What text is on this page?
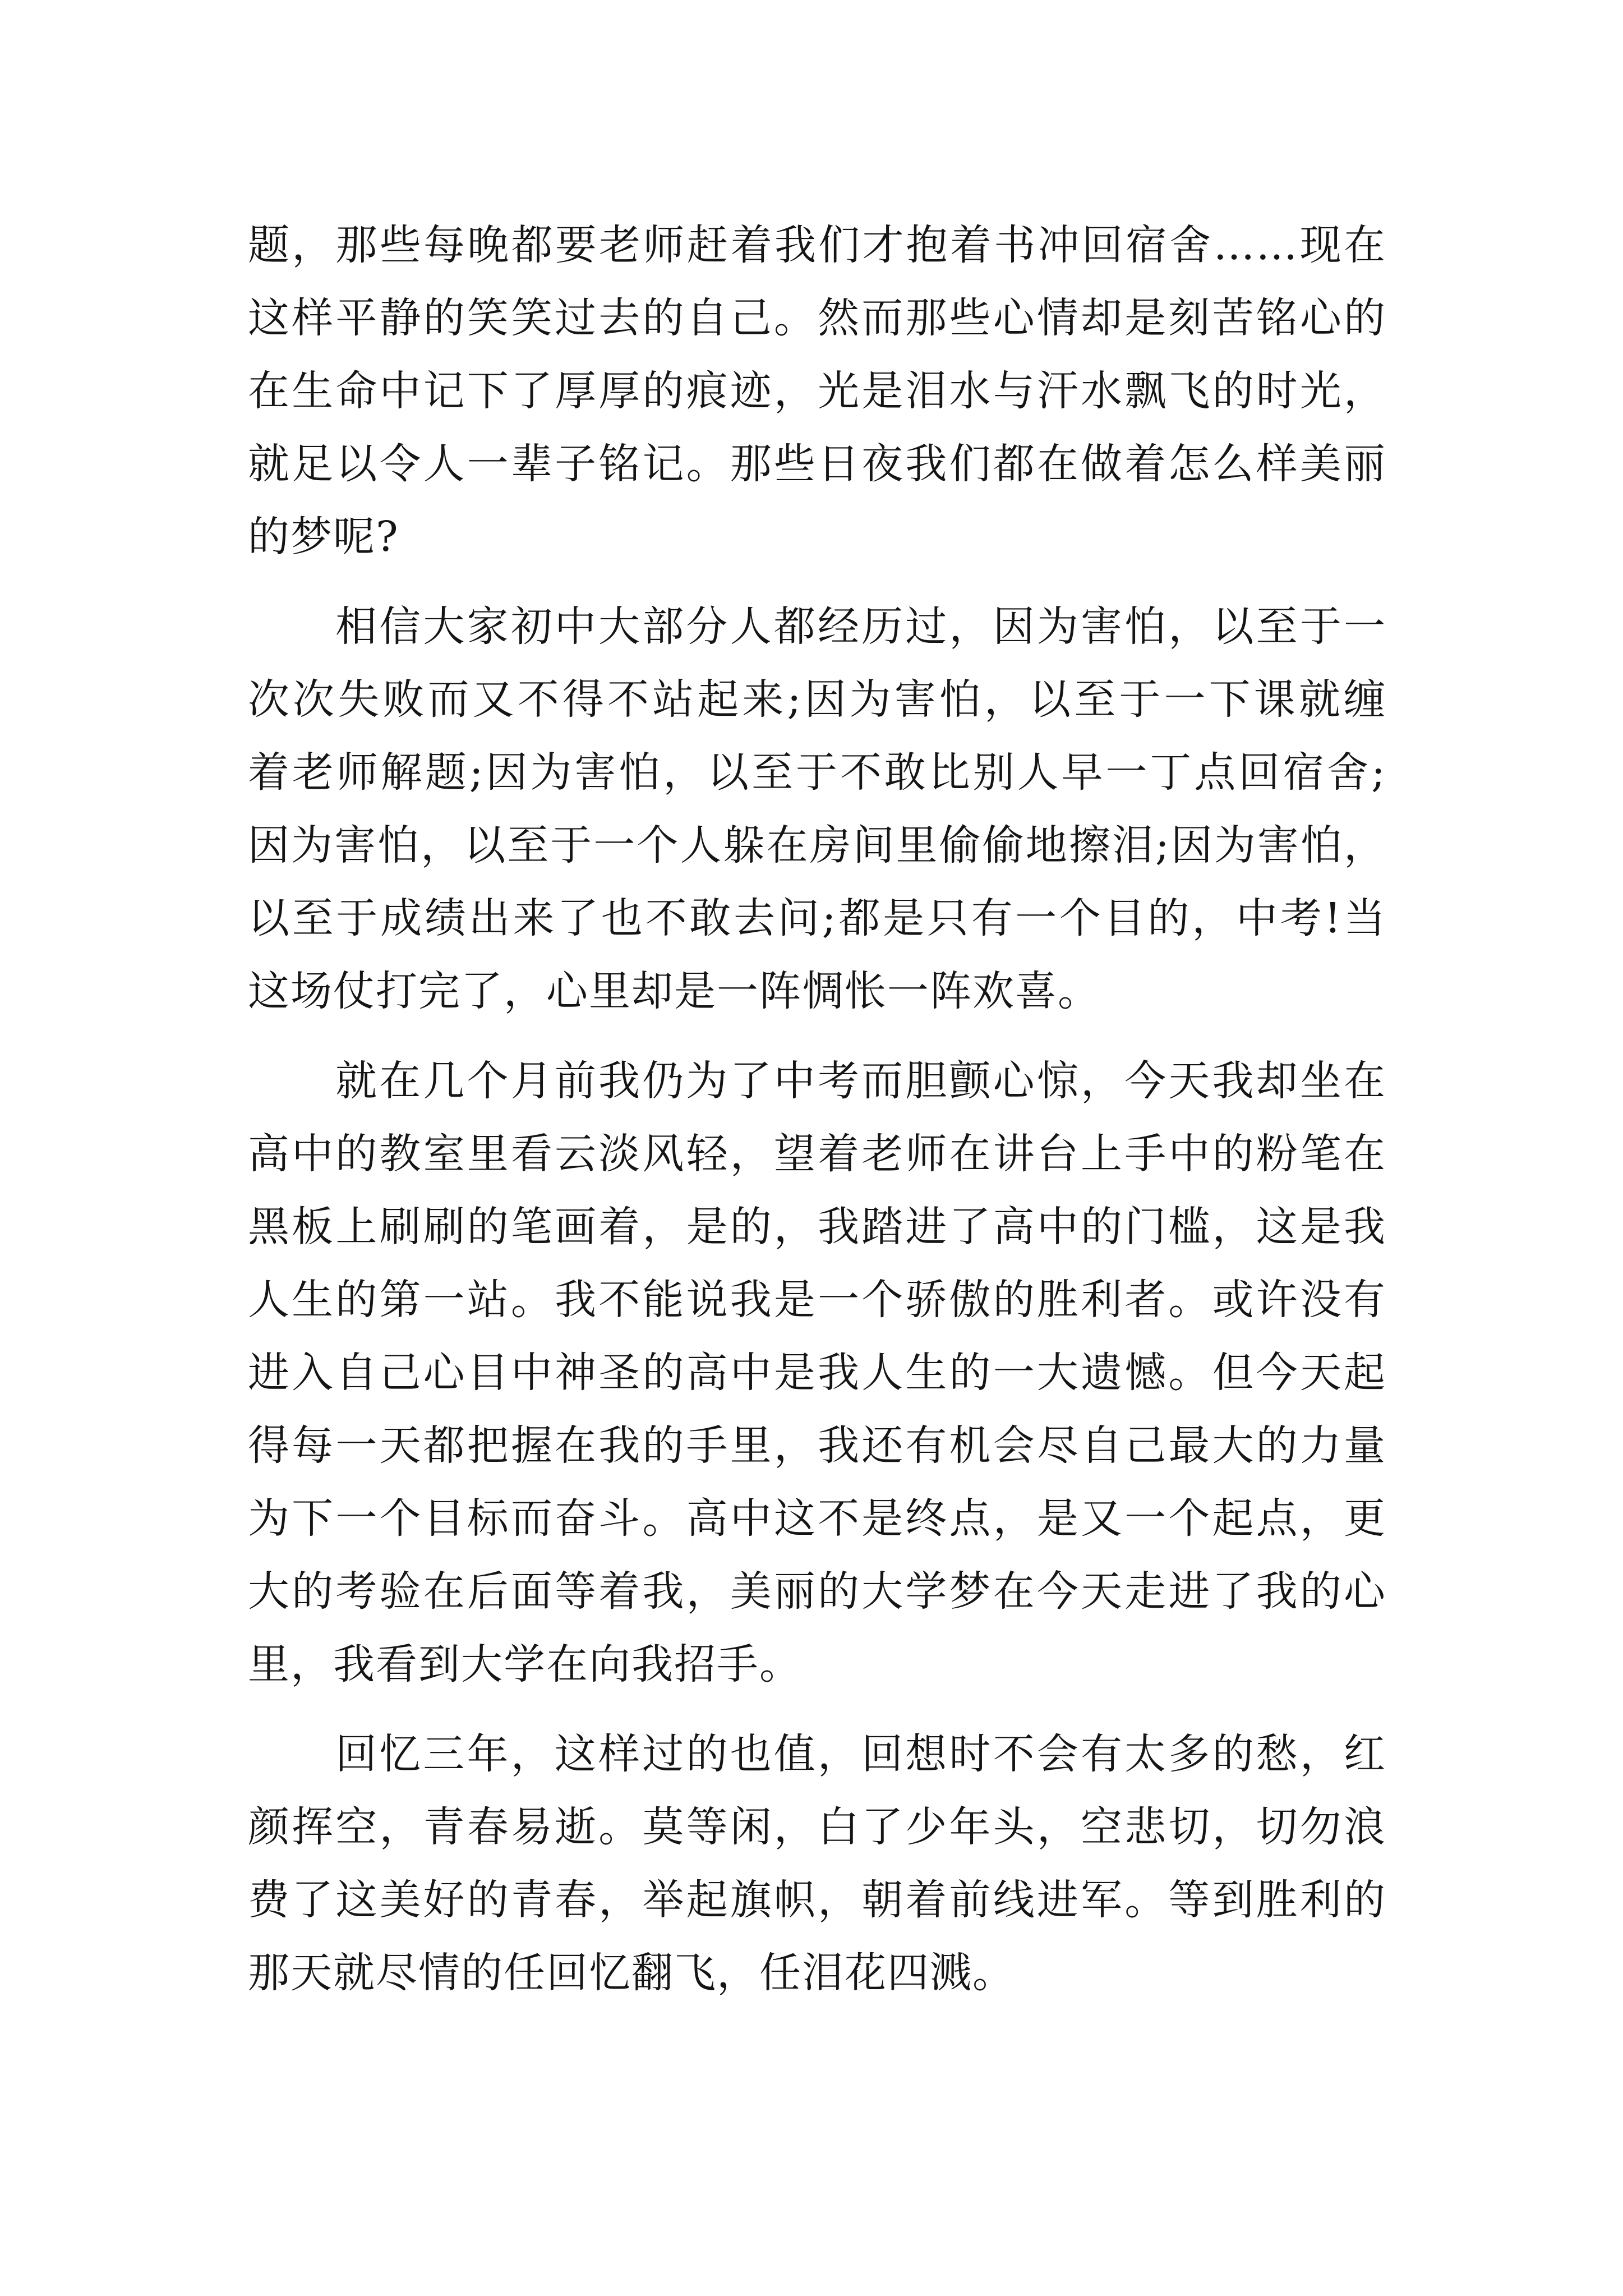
题，那些每晚都要老师赶着我们才抱着书冲回宿舍……现在
这样平静的笑笑过去的自己。然而那些心情却是刻苦铭心的
在生命中记下了厚厚的痕迹，光是泪水与汗水飘飞的时光，
就足以令人一辈子铭记。那些日夜我们都在做着怎么样美丽
的梦呢?
相信大家初中大部分人都经历过，因为害怕，以至于一
次次失败而又不得不站起来;因为害怕，以至于一下课就缠
着老师解题;因为害怕，以至于不敢比别人早一丁点回宿舍;
因为害怕，以至于一个人躲在房间里偷偷地擦泪;因为害怕，
以至于成绩出来了也不敢去问;都是只有一个目的，中考!当
这场仗打完了，心里却是一阵惆怅一阵欢喜。
就在几个月前我仍为了中考而胆颤心惊，今天我却坐在
高中的教室里看云淡风轻，望着老师在讲台上手中的粉笔在
黑板上刷刷的笔画着，是的，我踏进了高中的门槛，这是我
人生的第一站。我不能说我是一个骄傲的胜利者。或许没有
进入自己心目中神圣的高中是我人生的一大遗憾。但今天起
得每一天都把握在我的手里，我还有机会尽自己最大的力量
为下一个目标而奋斗。高中这不是终点，是又一个起点，更
大的考验在后面等着我，美丽的大学梦在今天走进了我的心
里，我看到大学在向我招手。
回忆三年，这样过的也值，回想时不会有太多的愁，红
颜挥空，青春易逝。莫等闲，白了少年头，空悲切，切勿浪
费了这美好的青春，举起旗帜，朝着前线进军。等到胜利的
那天就尽情的任回忆翻飞，任泪花四溅。
